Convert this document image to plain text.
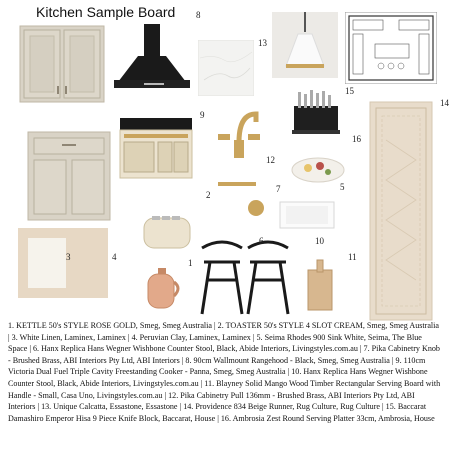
Kitchen Sample Board 8
13
15
14
16
9
12
2
7	5
3	4
6	10
1
11
1. KETTLE 50's STYLE ROSE GOLD, Smeg, Smeg Australia | 2. TOASTER 50's STYLE 4 SLOT CREAM, Smeg, Smeg Australia | 3. White Linen, Laminex, Laminex | 4. Peruvian Clay, Laminex, Laminex | 5. Seima Rhodes 900 Sink White, Seima, The Blue Space | 6. Hanx Replica Hans Wegner Wishbone Counter Stool, Black, Abide Interiors, Livingstyles.com.au | 7. Pika Cabinetry Knob - Brushed Brass, ABI Interiors Pty Ltd, ABI Interiors | 8. 90cm Wallmount Rangehood - Black, Smeg, Smeg Australia | 9. 110cm Victoria Dual Fuel Triple Cavity Freestanding Cooker - Panna, Smeg, Smeg Australia | 10. Hanx Replica Hans Wegner Wishbone Counter Stool, Black, Abide Interiors, Livingstyles.com.au | 11. Blayney Solid Mango Wood Timber Rectangular Serving Board with Handle - Small, Casa Uno, Livingstyles.com.au | 12. Pika Cabinetry Pull 136mm - Brushed Brass, ABI Interiors Pty Ltd, ABI Interiors | 13. Unique Calcatta, Essastone, Essastone | 14. Providence 834 Beige Runner, Rug Culture, Rug Culture | 15. Baccarat Damashiro Emperor Hisa 9 Piece Knife Block, Baccarat, House | 16. Ambrosia Zest Round Serving Platter 33cm, Ambrosia, House
